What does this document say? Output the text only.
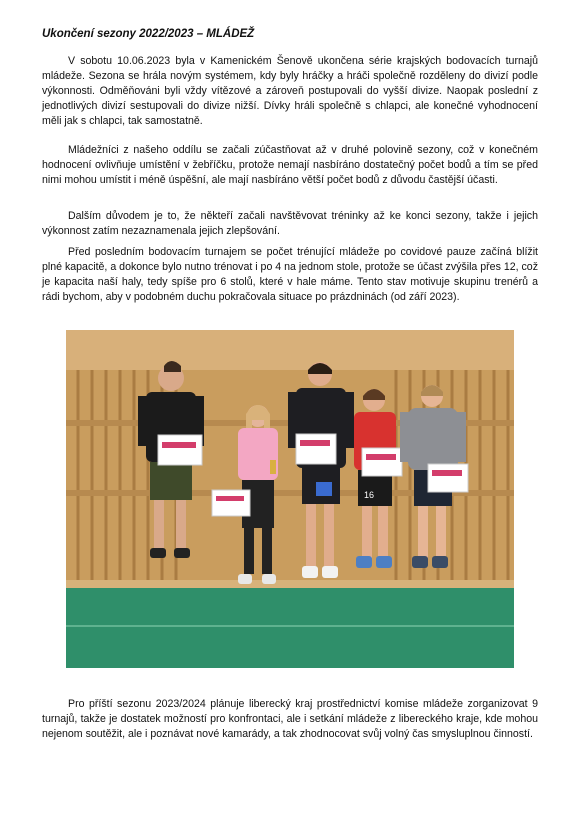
Ukončení sezony 2022/2023 – MLÁDEŽ

V sobotu 10.06.2023 byla v Kamenickém Šenově ukončena série krajských bodovacích turnajů mládeže. Sezona se hrála novým systémem, kdy byly hráčky a hráči společně rozděleny do divizí podle výkonnosti. Odměňováni byli vždy vítězové a zároveň postupovali do vyšší divize. Naopak poslední z jednotlivých divizí sestupovali do divize nižší. Dívky hráli společně s chlapci, ale konečné vyhodnocení měli jak s chlapci, tak samostatně.

Mládežníci z našeho oddílu se začali zúčastňovat až v druhé polovině sezony, což v konečném hodnocení ovlivňuje umístění v žebříčku, protože nemají nasbíráno dostatečný počet bodů a tím se před nimi mohou umístit i méně úspěšní, ale mají nasbíráno větší počet bodů z důvodu častější účasti.

Dalším důvodem je to, že někteří začali navštěvovat tréninky až ke konci sezony, takže i jejich výkonnost zatím nezaznamenala jejich zlepšování.

Před posledním bodovacím turnajem se počet trénující mládeže po covidové pauze začíná blížit plné kapacitě, a dokonce bylo nutno trénovat i po 4 na jednom stole, protože se účast zvýšila přes 12, což je kapacita naší haly, tedy spíše pro 6 stolů, které v hale máme. Tento stav motivuje skupinu trenérů a rádi bychom, aby v podobném duchu pokračovala situace po prázdninách (od září 2023).

16

Pro příští sezonu 2023/2024 plánuje liberecký kraj prostřednictví komise mládeže zorganizovat 9 turnajů, takže je dostatek možností pro konfrontaci, ale i setkání mládeže z libereckého kraje, kde mohou nejenom soutěžit, ale i poznávat nové kamarády, a tak zhodnocovat svůj volný čas smysluplnou činností.
